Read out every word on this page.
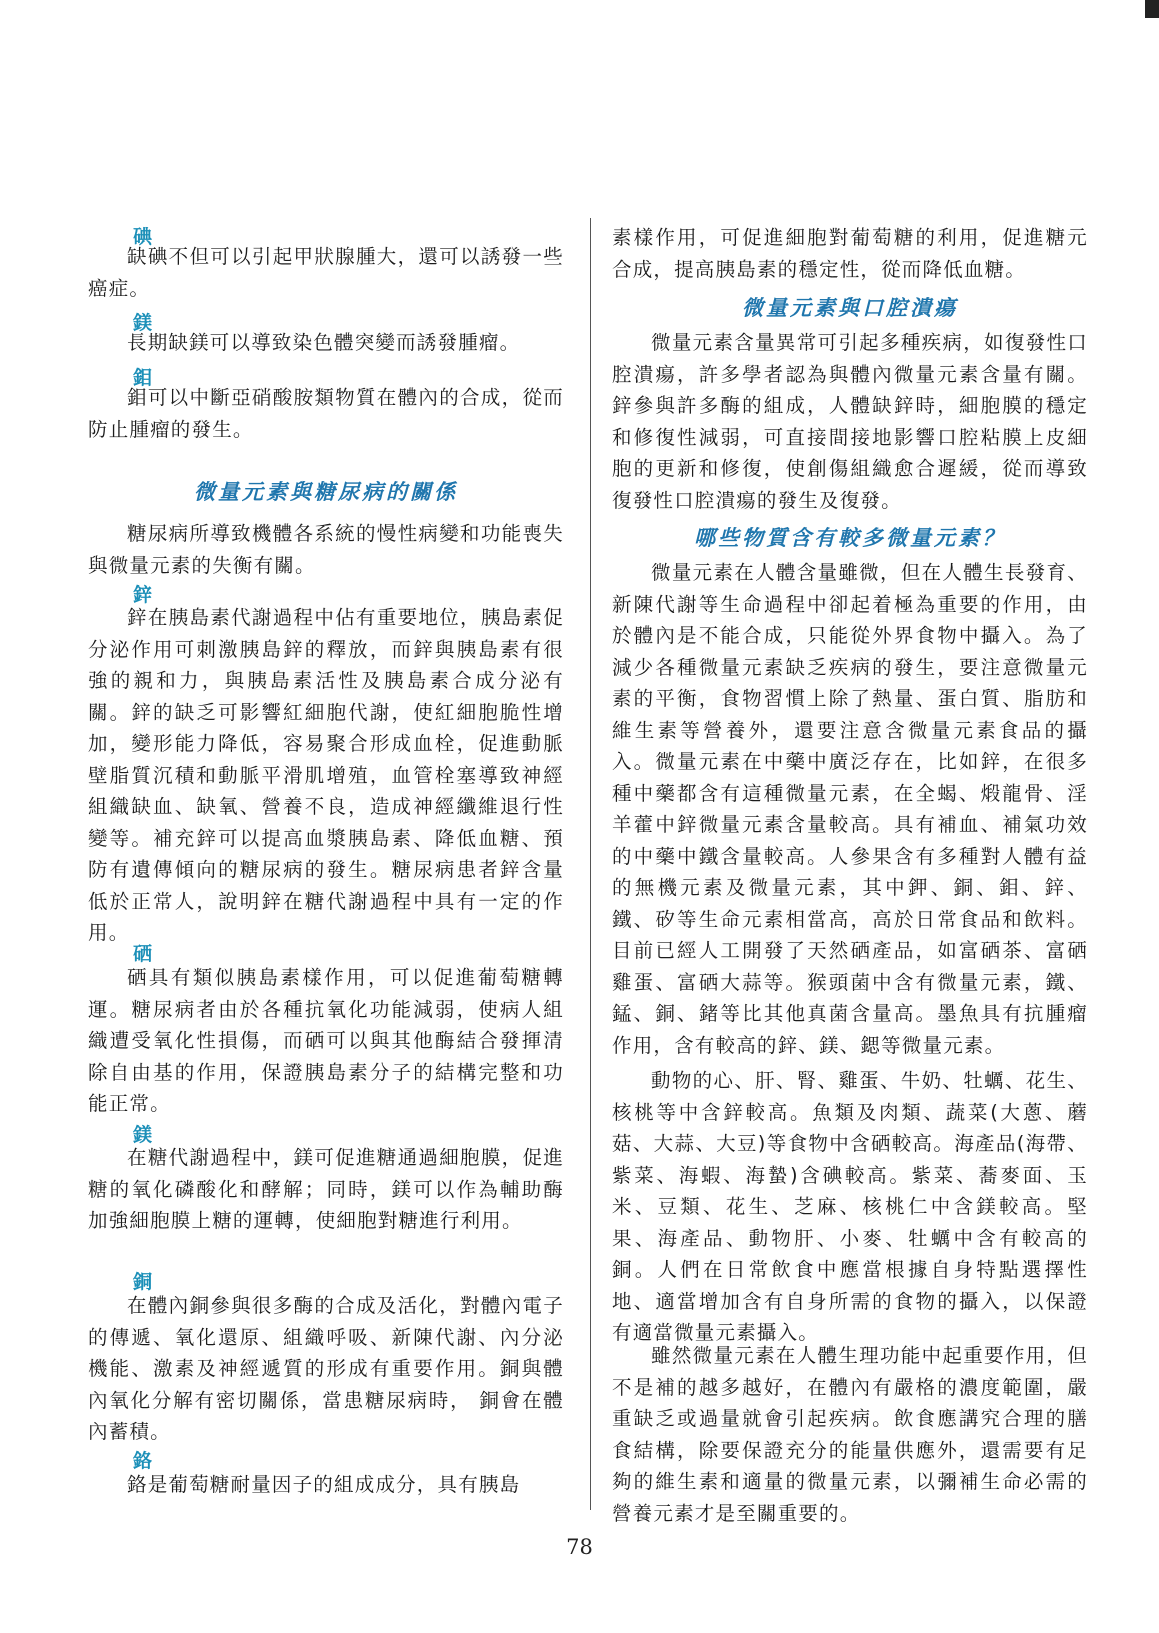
碘

缺碘不但可以引起甲狀腺腫大，還可以誘發一些癌症。

鎂

長期缺鎂可以導致染色體突變而誘發腫瘤。

鉬

鉬可以中斷亞硝酸胺類物質在體內的合成，從而防止腫瘤的發生。

微量元素與糖尿病的關係

糖尿病所導致機體各系統的慢性病變和功能喪失與微量元素的失衡有關。

鋅

鋅在胰島素代謝過程中佔有重要地位，胰島素促分泌作用可刺激胰島鋅的釋放，而鋅與胰島素有很強的親和力，與胰島素活性及胰島素合成分泌有關。鋅的缺乏可影響紅細胞代謝，使紅細胞脆性增加，變形能力降低，容易聚合形成血栓，促進動脈壁脂質沉積和動脈平滑肌增殖，血管栓塞導致神經組織缺血、缺氧、營養不良，造成神經纖維退行性變等。補充鋅可以提高血漿胰島素、降低血糖、預防有遺傳傾向的糖尿病的發生。糖尿病患者鋅含量低於正常人，說明鋅在糖代謝過程中具有一定的作用。

硒

硒具有類似胰島素樣作用，可以促進葡萄糖轉運。糖尿病者由於各種抗氧化功能減弱，使病人組織遭受氧化性損傷，而硒可以與其他酶結合發揮清除自由基的作用，保證胰島素分子的結構完整和功能正常。

鎂

在糖代謝過程中，鎂可促進糖通過細胞膜，促進糖的氧化磷酸化和酵解；同時，鎂可以作為輔助酶加強細胞膜上糖的運轉，使細胞對糖進行利用。

銅

在體內銅參與很多酶的合成及活化，對體內電子的傳遞、氧化還原、組織呼吸、新陳代謝、內分泌機能、激素及神經遞質的形成有重要作用。銅與體內氧化分解有密切關係，當患糖尿病時， 銅會在體內蓄積。

鉻

鉻是葡萄糖耐量因子的組成成分，具有胰島

素樣作用，可促進細胞對葡萄糖的利用，促進糖元合成，提高胰島素的穩定性，從而降低血糖。

微量元素與口腔潰瘍

微量元素含量異常可引起多種疾病，如復發性口腔潰瘍，許多學者認為與體內微量元素含量有關。鋅參與許多酶的組成，人體缺鋅時，細胞膜的穩定和修復性減弱，可直接間接地影響口腔粘膜上皮細胞的更新和修復，使創傷組織愈合遲緩，從而導致復發性口腔潰瘍的發生及復發。

哪些物質含有較多微量元素？

微量元素在人體含量雖微，但在人體生長發育、新陳代謝等生命過程中卻起着極為重要的作用，由於體內是不能合成，只能從外界食物中攝入。為了減少各種微量元素缺乏疾病的發生，要注意微量元素的平衡，食物習慣上除了熱量、蛋白質、脂肪和維生素等營養外，還要注意含微量元素食品的攝入。微量元素在中藥中廣泛存在，比如鋅，在很多種中藥都含有這種微量元素，在全蝎、煅龍骨、淫羊藿中鋅微量元素含量較高。具有補血、補氣功效的中藥中鐵含量較高。人參果含有多種對人體有益的無機元素及微量元素，其中鉀、銅、鉬、鋅、鐵、矽等生命元素相當高，高於日常食品和飲料。目前已經人工開發了天然硒產品，如富硒茶、富硒雞蛋、富硒大蒜等。猴頭菌中含有微量元素，鐵、錳、銅、鍺等比其他真菌含量高。墨魚具有抗腫瘤作用，含有較高的鋅、鎂、鍶等微量元素。

動物的心、肝、腎、雞蛋、牛奶、牡蠣、花生、核桃等中含鋅較高。魚類及肉類、蔬菜(大蔥、蘑菇、大蒜、大豆)等食物中含硒較高。海產品(海帶、紫菜、海蝦、海蟄)含碘較高。紫菜、蕎麥面、玉米、豆類、花生、芝麻、核桃仁中含鎂較高。堅果、海產品、動物肝、小麥、牡蠣中含有較高的銅。人們在日常飲食中應當根據自身特點選擇性地、適當增加含有自身所需的食物的攝入，以保證有適當微量元素攝入。

雖然微量元素在人體生理功能中起重要作用，但不是補的越多越好，在體內有嚴格的濃度範圍，嚴重缺乏或過量就會引起疾病。飲食應講究合理的膳食結構，除要保證充分的能量供應外，還需要有足夠的維生素和適量的微量元素，以彌補生命必需的營養元素才是至關重要的。

78
